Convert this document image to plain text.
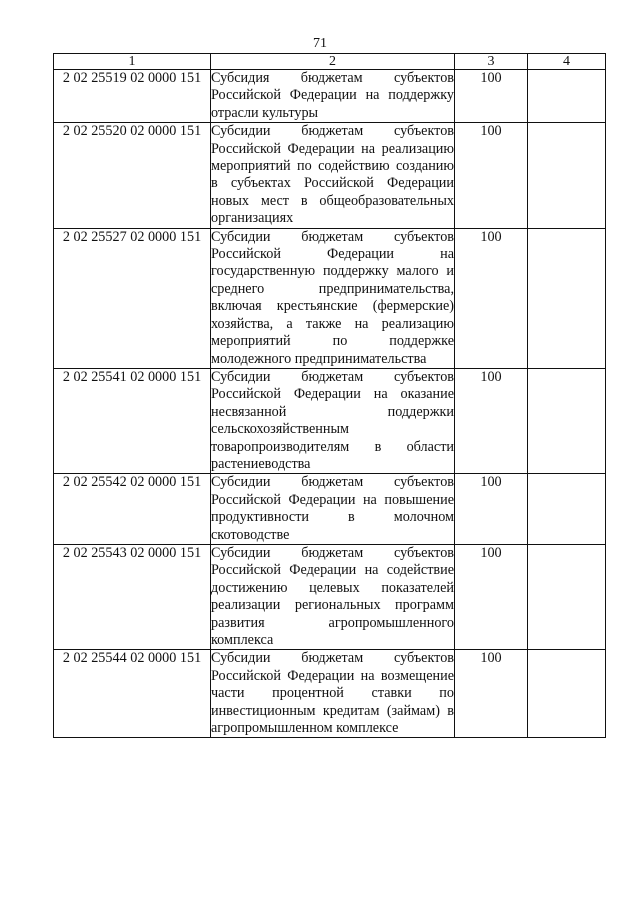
71
1	2	3	4
2 02 25519 02 0000 151	Субсидия бюджетам субъектов Российской Федерации на поддержку отрасли культуры	100	
2 02 25520 02 0000 151	Субсидии бюджетам субъектов Российской Федерации на реализацию мероприятий по содействию созданию в субъектах Российской Федерации новых мест в общеобразовательных организациях	100	
2 02 25527 02 0000 151	Субсидии бюджетам субъектов Российской Федерации на государственную поддержку малого и среднего предпринимательства, включая крестьянские (фермерские) хозяйства, а также на реализацию мероприятий по поддержке молодежного предпринимательства	100	
2 02 25541 02 0000 151	Субсидии бюджетам субъектов Российской Федерации на оказание несвязанной поддержки сельскохозяйственным товаропроизводителям в области растениеводства	100	
2 02 25542 02 0000 151	Субсидии бюджетам субъектов Российской Федерации на повышение продуктивности в молочном скотоводстве	100	
2 02 25543 02 0000 151	Субсидии бюджетам субъектов Российской Федерации на содействие достижению целевых показателей реализации региональных программ развития агропромышленного комплекса	100	
2 02 25544 02 0000 151	Субсидии бюджетам субъектов Российской Федерации на возмещение части процентной ставки по инвестиционным кредитам (займам) в агропромышленном комплексе	100	
